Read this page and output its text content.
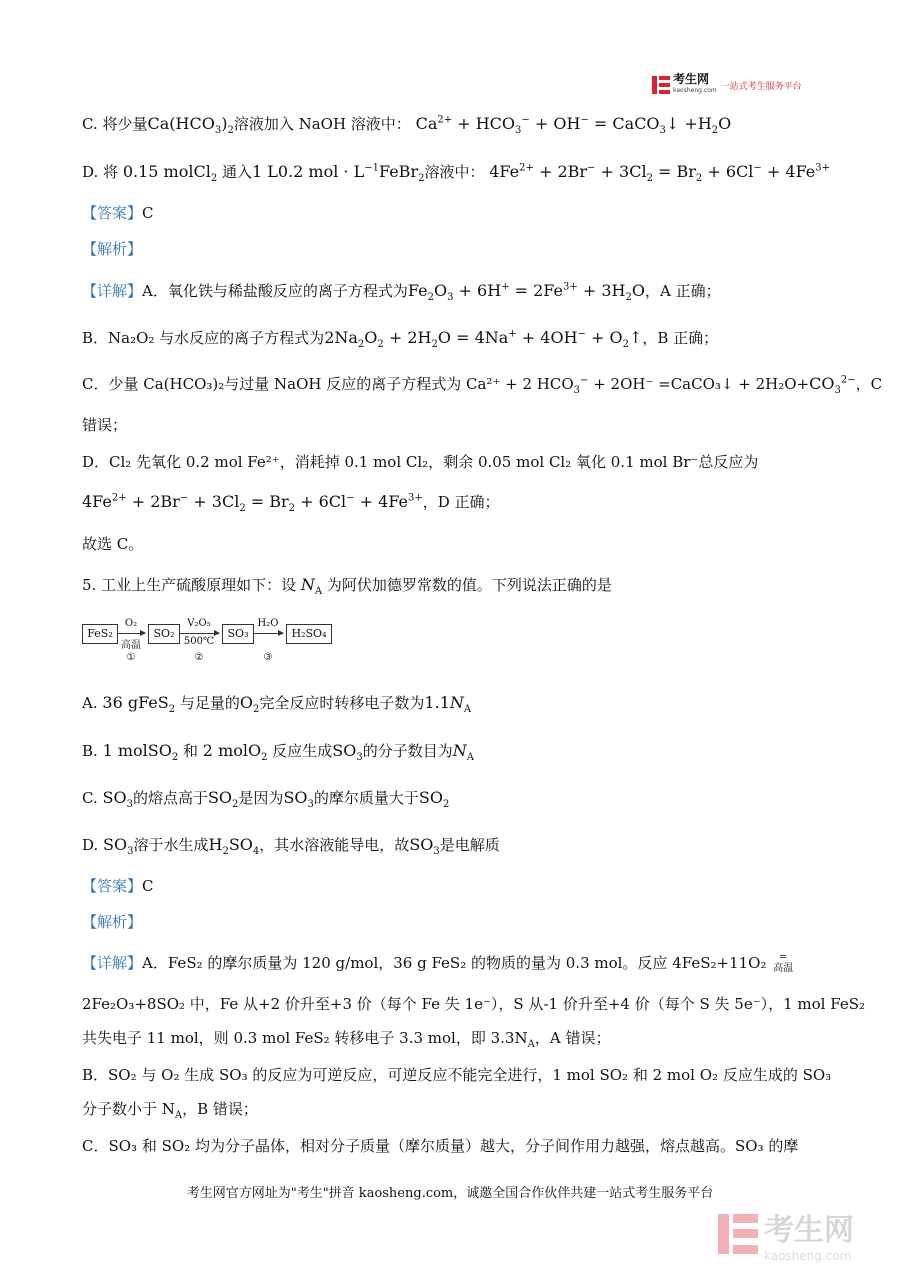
考生网
kaosheng.com 一站式考生服务平台
C. 将少量$Ca(HCO_3)_2$溶液加入 NaOH 溶液中： $Ca^{2+} + HCO_3^- + OH^-$ = CaCO$_3$↓ $+H_2O$
D. 将 0.15 molCl$_2$ 通入1 L0.2 mol · $L^{-1}FeBr_2$溶液中： $4Fe^{2+} + 2Br^- + 3Cl_2 = Br_2 + 6Cl^- + 4Fe^{3+}$
【答案】C
【解析】
【详解】A．氧化铁与稀盐酸反应的离子方程式为$Fe_2O_3 + 6H^+ = 2Fe^{3+} + 3H_2O$，A 正确；
B．Na₂O₂ 与水反应的离子方程式为$2Na_2O_2 + 2H_2O = 4Na^+ + 4OH^-$ + $O_2↑$，B 正确；
C．少量 Ca(HCO₃)₂与过量 NaOH 反应的离子方程式为 Ca²⁺ + 2 $HCO_3^- + 2OH^-$ =CaCO₃↓ + $2H_2O+CO_3^{2-}$，C
错误；
D．Cl₂ 先氧化 0.2 mol Fe²⁺，消耗掉 0.1 mol Cl₂，剩余 0.05 mol Cl₂ 氧化 0.1 mol Br⁻总反应为
$4Fe^{2+} + 2Br^- + 3Cl_2 = Br_2 + 6Cl^- + 4Fe^{3+}$，D 正确；
故选 C。
5. 工业上生产硫酸原理如下：设 $N_A$ 为阿伏加德罗常数的值。下列说法正确的是
FeS₂
O₂
高温
①
SO₂
V₂O₅
500℃
②
SO₃
H₂O
③
H₂SO₄
A. 36 gFeS$_2$ 与足量的$O_2$完全反应时转移电子数为$1.1N_A$
B. 1 molSO$_2$ 和 2 molO$_2$ 反应生成$SO_3$的分子数目为$N_A$
C. $SO_3$的熔点高于$SO_2$是因为$SO_3$的摩尔质量大于$SO_2$
D. $SO_3$溶于水生成$H_2SO_4$，其水溶液能导电，故$SO_3$是电解质
【答案】C
【解析】
【详解】A．FeS₂ 的摩尔质量为 120 g/mol，36 g FeS₂ 的物质的量为 0.3 mol。反应 4FeS₂+11O₂ =
高温
2Fe₂O₃+8SO₂ 中，Fe 从+2 价升至+3 价（每个 Fe 失 1e⁻），S 从-1 价升至+4 价（每个 S 失 5e⁻），1 mol FeS₂
共失电子 11 mol，则 0.3 mol FeS₂ 转移电子 3.3 mol，即 $3.3N_A$，A 错误；
B．SO₂ 与 O₂ 生成 SO₃ 的反应为可逆反应，可逆反应不能完全进行，1 mol SO₂ 和 2 mol O₂ 反应生成的 SO₃
分子数小于 $N_A$，B 错误；
C．SO₃ 和 SO₂ 均为分子晶体，相对分子质量（摩尔质量）越大，分子间作用力越强，熔点越高。SO₃ 的摩
考生网官方网址为"考生"拼音 kaosheng.com，诚邀全国合作伙伴共建一站式考生服务平台
考生网
kaosheng.com
